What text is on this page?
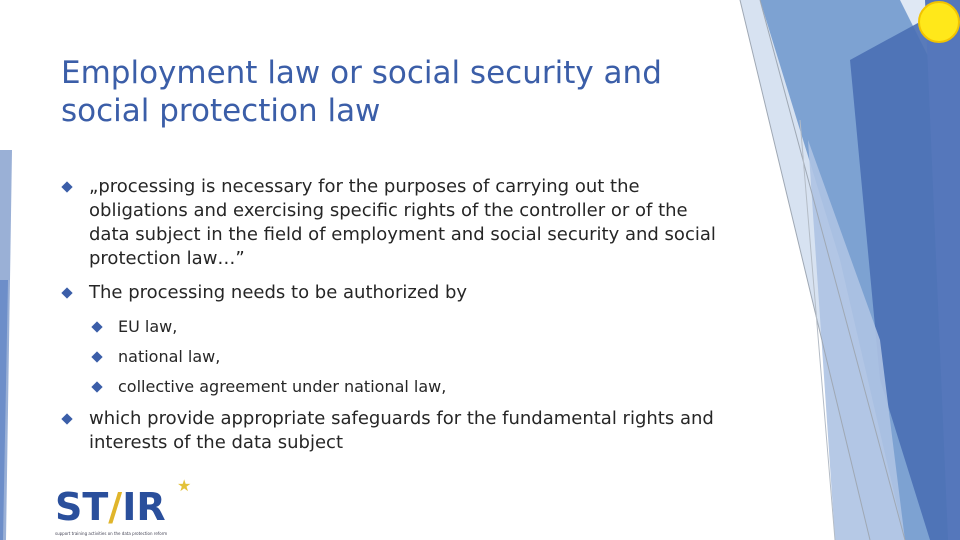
Employment law or social security and social protection law
„processing is necessary for the purposes of carrying out the obligations and exercising specific rights of the controller or of the data subject in the field of employment and social security and social protection law…”
The processing needs to be authorized by
EU law,
national law,
collective agreement under national law,
which provide appropriate safeguards for the fundamental rights and interests of the data subject
ST/IR ★
support training activities on the data protection reform
